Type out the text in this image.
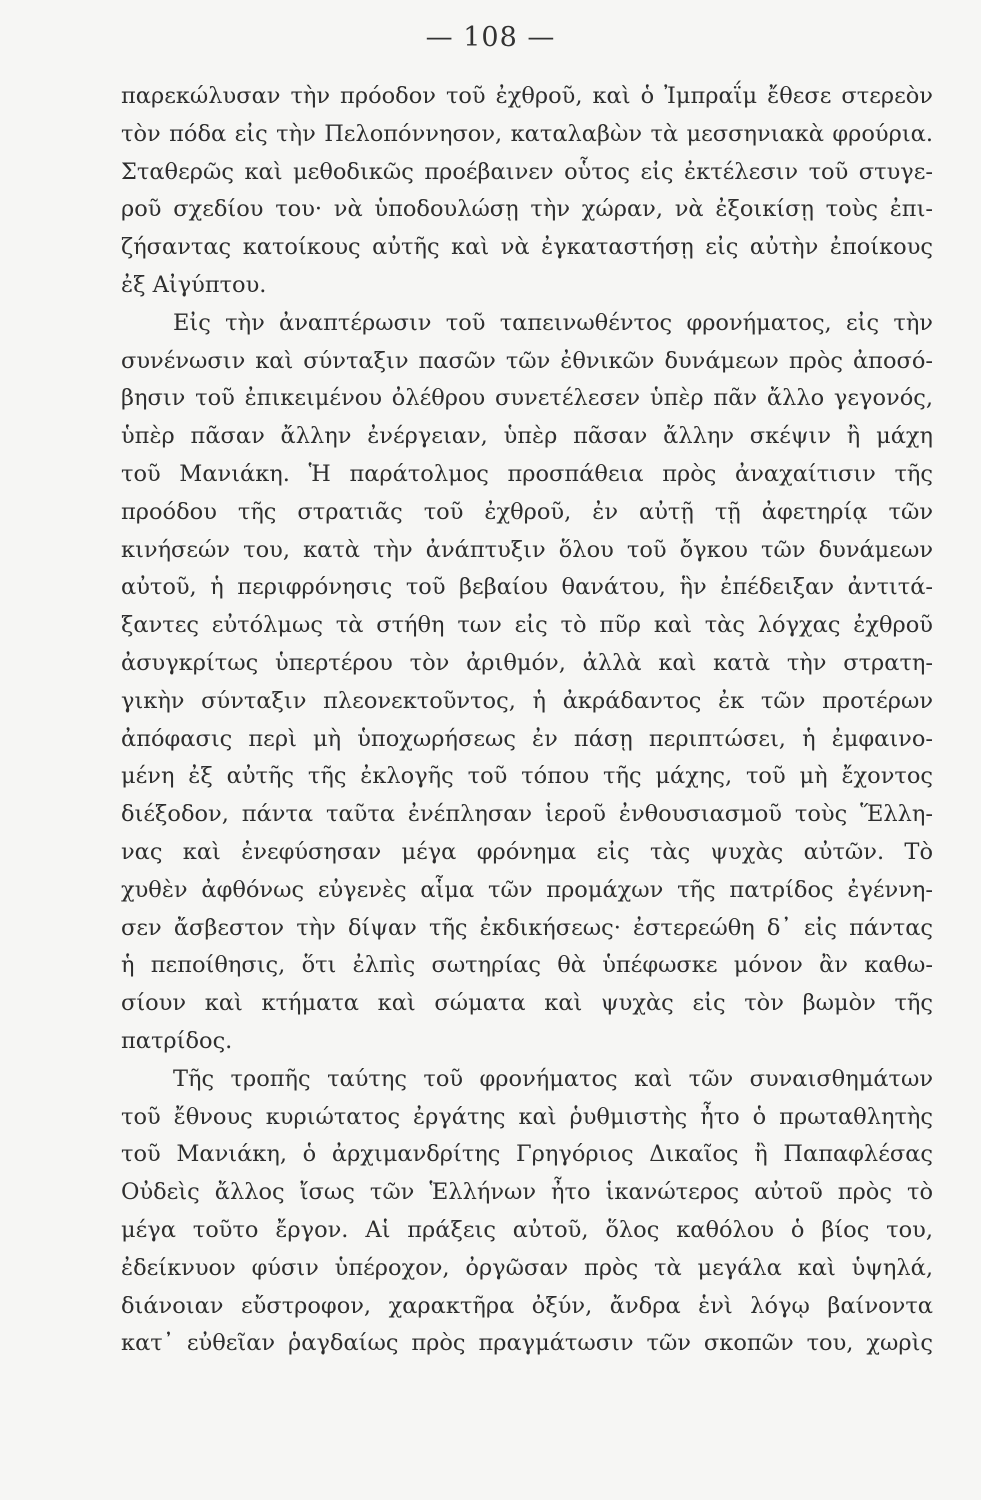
— 108 —
παρεκώλυσαν τὴν πρόοδον τοῦ ἐχθροῦ, καὶ ὁ Ἰμπραΐμ ἔθεσε στερεὸν
τὸν πόδα εἰς τὴν Πελοπόννησον, καταλαβὼν τὰ μεσσηνιακὰ φρούρια.
Σταθερῶς καὶ μεθοδικῶς προέβαινεν οὗτος εἰς ἐκτέλεσιν τοῦ στυγε-
ροῦ σχεδίου του· νὰ ὑποδουλώσῃ τὴν χώραν, νὰ ἐξοικίσῃ τοὺς ἐπι-
ζήσαντας κατοίκους αὐτῆς καὶ νὰ ἐγκαταστήσῃ εἰς αὐτὴν ἐποίκους
ἐξ Αἰγύπτου.
Εἰς τὴν ἀναπτέρωσιν τοῦ ταπεινωθέντος φρονήματος, εἰς τὴν
συνένωσιν καὶ σύνταξιν πασῶν τῶν ἐθνικῶν δυνάμεων πρὸς ἀποσό-
βησιν τοῦ ἐπικειμένου ὀλέθρου συνετέλεσεν ὑπὲρ πᾶν ἄλλο γεγονός,
ὑπὲρ πᾶσαν ἄλλην ἐνέργειαν, ὑπὲρ πᾶσαν ἄλλην σκέψιν ἢ μάχη
τοῦ Μανιάκη. Ἡ παράτολμος προσπάθεια πρὸς ἀναχαίτισιν τῆς
προόδου τῆς στρατιᾶς τοῦ ἐχθροῦ, ἐν αὐτῇ τῇ ἀφετηρίᾳ τῶν
κινήσεών του, κατὰ τὴν ἀνάπτυξιν ὅλου τοῦ ὄγκου τῶν δυνάμεων
αὐτοῦ, ἡ περιφρόνησις τοῦ βεβαίου θανάτου, ἣν ἐπέδειξαν ἀντιτά-
ξαντες εὐτόλμως τὰ στήθη των εἰς τὸ πῦρ καὶ τὰς λόγχας ἐχθροῦ
ἀσυγκρίτως ὑπερτέρου τὸν ἀριθμόν, ἀλλὰ καὶ κατὰ τὴν στρατη-
γικὴν σύνταξιν πλεονεκτοῦντος, ἡ ἀκράδαντος ἐκ τῶν προτέρων
ἀπόφασις περὶ μὴ ὑποχωρήσεως ἐν πάσῃ περιπτώσει, ἡ ἐμφαινο-
μένη ἐξ αὐτῆς τῆς ἐκλογῆς τοῦ τόπου τῆς μάχης, τοῦ μὴ ἔχοντος
διέξοδον, πάντα ταῦτα ἐνέπλησαν ἱεροῦ ἐνθουσιασμοῦ τοὺς Ἕλλη-
νας καὶ ἐνεφύσησαν μέγα φρόνημα εἰς τὰς ψυχὰς αὐτῶν. Τὸ
χυθὲν ἀφθόνως εὐγενὲς αἷμα τῶν προμάχων τῆς πατρίδος ἐγέννη-
σεν ἄσβεστον τὴν δίψαν τῆς ἐκδικήσεως· ἐστερεώθη δ᾽ εἰς πάντας
ἡ πεποίθησις, ὅτι ἐλπὶς σωτηρίας θὰ ὑπέφωσκε μόνον ἂν καθω-
σίουν καὶ κτήματα καὶ σώματα καὶ ψυχὰς εἰς τὸν βωμὸν τῆς
πατρίδος.
Τῆς τροπῆς ταύτης τοῦ φρονήματος καὶ τῶν συναισθημάτων
τοῦ ἔθνους κυριώτατος ἐργάτης καὶ ῥυθμιστὴς ἦτο ὁ πρωταθλητὴς
τοῦ Μανιάκη, ὁ ἀρχιμανδρίτης Γρηγόριος Δικαῖος ἢ Παπαφλέσας
Οὐδεὶς ἄλλος ἴσως τῶν Ἑλλήνων ἦτο ἱκανώτερος αὐτοῦ πρὸς τὸ
μέγα τοῦτο ἔργον. Αἱ πράξεις αὐτοῦ, ὅλος καθόλου ὁ βίος του,
ἐδείκνυον φύσιν ὑπέροχον, ὀργῶσαν πρὸς τὰ μεγάλα καὶ ὑψηλά,
διάνοιαν εὔστροφον, χαρακτῆρα ὀξύν, ἄνδρα ἑνὶ λόγῳ βαίνοντα
κατ᾽ εὐθεῖαν ῥαγδαίως πρὸς πραγμάτωσιν τῶν σκοπῶν του, χωρὶς
